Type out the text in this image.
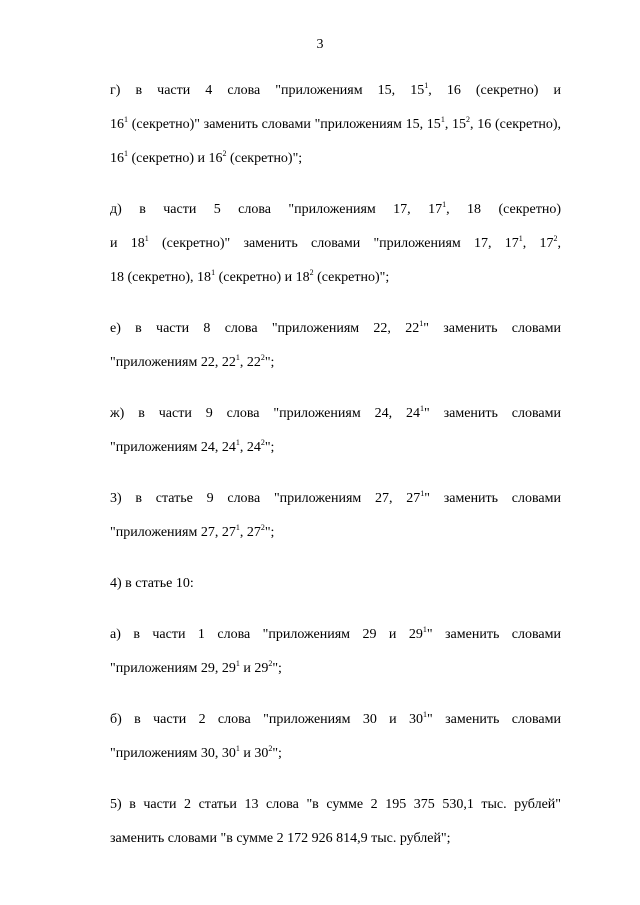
3
г) в части 4 слова "приложениям 15, $15^1$, 16 (секретно) и
$16^1$ (секретно)" заменить словами "приложениям 15, $15^1$, $15^2$, 16 (секретно),
$16^1$ (секретно) и $16^2$ (секретно)";
д) в части 5 слова "приложениям 17, $17^1$, 18 (секретно)
и $18^1$ (секретно)" заменить словами "приложениям 17, $17^1$, $17^2$,
18 (секретно), $18^1$ (секретно) и $18^2$ (секретно)";
е) в части 8 слова "приложениям 22, $22^1$" заменить словами
"приложениям 22, $22^1$, $22^2$";
ж) в части 9 слова "приложениям 24, $24^1$" заменить словами
"приложениям 24, $24^1$, $24^2$";
3) в статье 9 слова "приложениям 27, $27^1$" заменить словами
"приложениям 27, $27^1$, $27^2$";
4) в статье 10:
а) в части 1 слова "приложениям 29 и $29^1$" заменить словами
"приложениям 29, $29^1$ и $29^2$";
б) в части 2 слова "приложениям 30 и $30^1$" заменить словами
"приложениям 30, $30^1$ и $30^2$";
5) в части 2 статьи 13 слова "в сумме 2 195 375 530,1 тыс. рублей"
заменить словами "в сумме 2 172 926 814,9 тыс. рублей";
